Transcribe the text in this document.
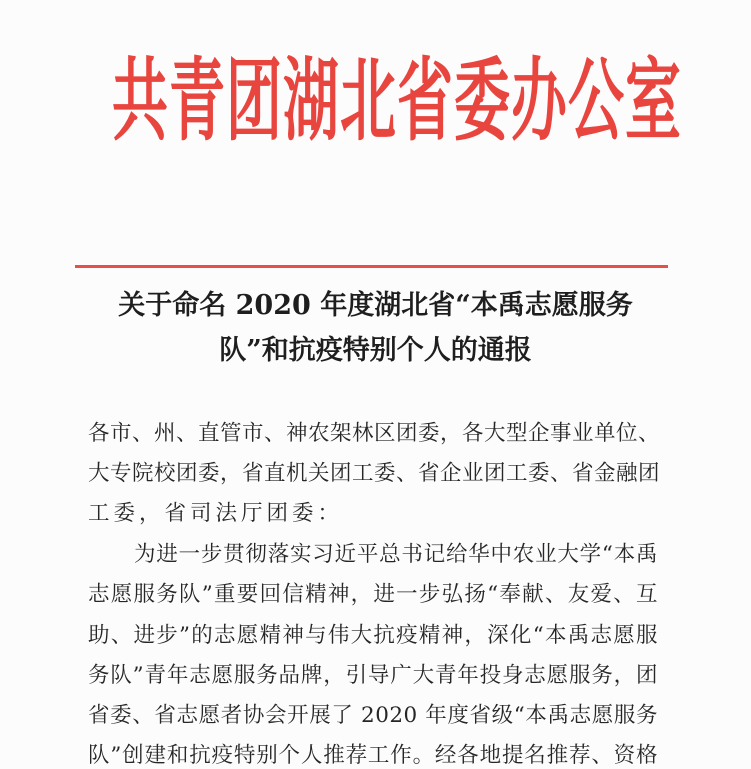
共青团湖北省委办公室
关于命名 2020 年度湖北省“本禹志愿服务
队”和抗疫特别个人的通报
各市、州、直管市、神农架林区团委，各大型企事业单位、
大专院校团委，省直机关团工委、省企业团工委、省金融团
工委，省司法厅团委：
为进一步贯彻落实习近平总书记给华中农业大学“本禹
志愿服务队”重要回信精神，进一步弘扬“奉献、友爱、互
助、进步”的志愿精神与伟大抗疫精神，深化“本禹志愿服
务队”青年志愿服务品牌，引导广大青年投身志愿服务，团
省委、省志愿者协会开展了 2020 年度省级“本禹志愿服务
队”创建和抗疫特别个人推荐工作。经各地提名推荐、资格
